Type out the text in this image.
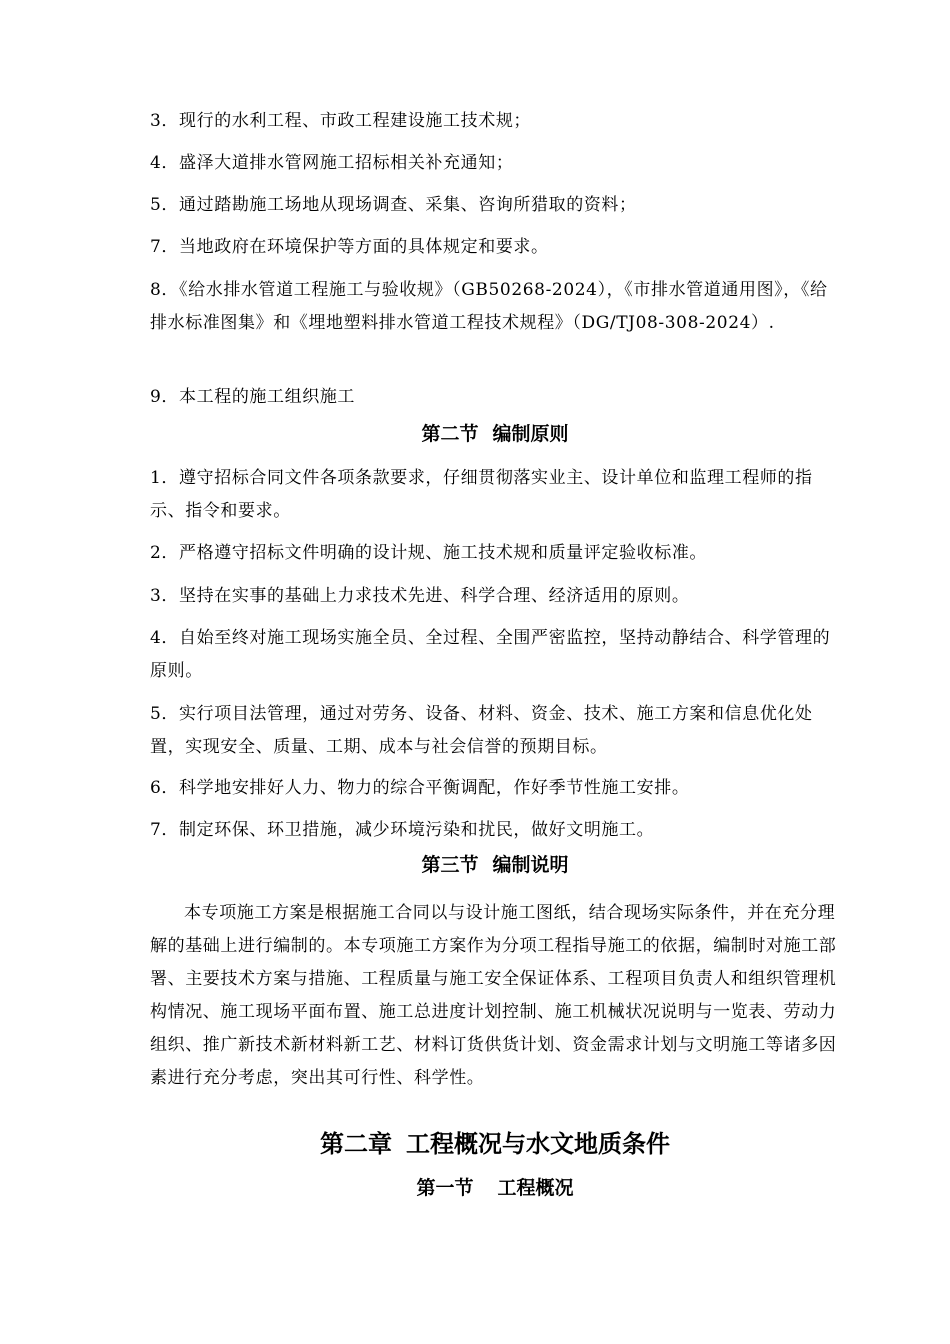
3．现行的水利工程、市政工程建设施工技术规；
4．盛泽大道排水管网施工招标相关补充通知；
5．通过踏勘施工场地从现场调查、采集、咨询所猎取的资料；
7．当地政府在环境保护等方面的具体规定和要求。
8．《给水排水管道工程施工与验收规》（GB50268-2024），《市排水管道通用图》，《给排水标准图集》和《埋地塑料排水管道工程技术规程》（DG/TJ08-308-2024）.
9．本工程的施工组织施工
第二节 编制原则
1．遵守招标合同文件各项条款要求，仔细贯彻落实业主、设计单位和监理工程师的指示、指令和要求。
2．严格遵守招标文件明确的设计规、施工技术规和质量评定验收标准。
3．坚持在实事的基础上力求技术先进、科学合理、经济适用的原则。
4．自始至终对施工现场实施全员、全过程、全围严密监控，坚持动静结合、科学管理的原则。
5．实行项目法管理，通过对劳务、设备、材料、资金、技术、施工方案和信息优化处置，实现安全、质量、工期、成本与社会信誉的预期目标。
6．科学地安排好人力、物力的综合平衡调配，作好季节性施工安排。
7．制定环保、环卫措施，减少环境污染和扰民，做好文明施工。
第三节 编制说明
本专项施工方案是根据施工合同以与设计施工图纸，结合现场实际条件，并在充分理解的基础上进行编制的。本专项施工方案作为分项工程指导施工的依据，编制时对施工部署、主要技术方案与措施、工程质量与施工安全保证体系、工程项目负责人和组织管理机构情况、施工现场平面布置、施工总进度计划控制、施工机械状况说明与一览表、劳动力组织、推广新技术新材料新工艺、材料订货供货计划、资金需求计划与文明施工等诸多因素进行充分考虑，突出其可行性、科学性。
第二章 工程概况与水文地质条件
第一节 工程概况
